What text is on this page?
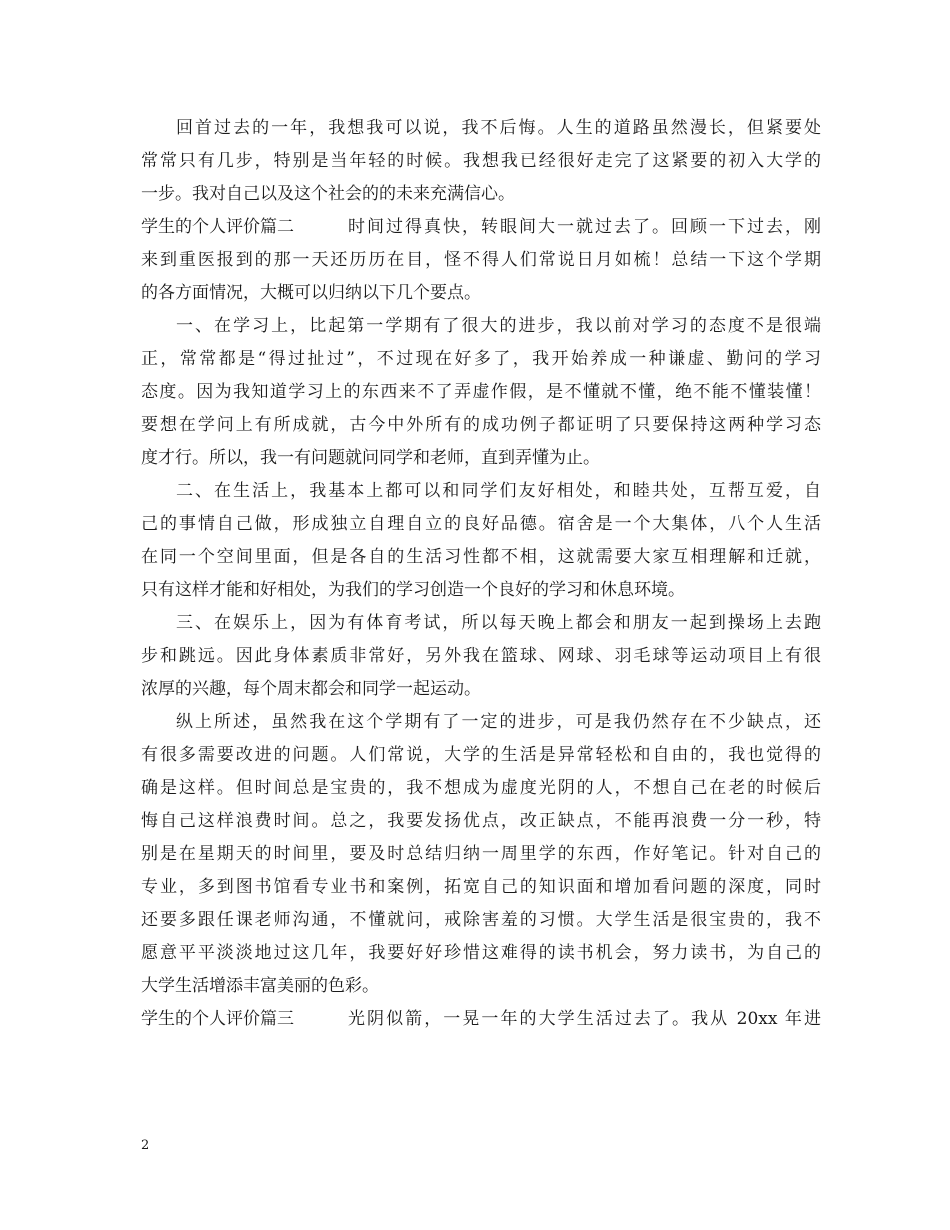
回首过去的一年，我想我可以说，我不后悔。人生的道路虽然漫长，但紧要处
常常只有几步，特别是当年轻的时候。我想我已经很好走完了这紧要的初入大学的
一步。我对自己以及这个社会的的未来充满信心。
学生的个人评价篇二	时间过得真快，转眼间大一就过去了。回顾一下过去，刚
来到重医报到的那一天还历历在目，怪不得人们常说日月如梳！总结一下这个学期
的各方面情况，大概可以归纳以下几个要点。
一、在学习上，比起第一学期有了很大的进步，我以前对学习的态度不是很端
正，常常都是“得过扯过”，不过现在好多了，我开始养成一种谦虚、勤问的学习
态度。因为我知道学习上的东西来不了弄虚作假，是不懂就不懂，绝不能不懂装懂！
要想在学问上有所成就，古今中外所有的成功例子都证明了只要保持这两种学习态
度才行。所以，我一有问题就问同学和老师，直到弄懂为止。
二、在生活上，我基本上都可以和同学们友好相处，和睦共处，互帮互爱，自
己的事情自己做，形成独立自理自立的良好品德。宿舍是一个大集体，八个人生活
在同一个空间里面，但是各自的生活习性都不相，这就需要大家互相理解和迁就，
只有这样才能和好相处，为我们的学习创造一个良好的学习和休息环境。
三、在娱乐上，因为有体育考试，所以每天晚上都会和朋友一起到操场上去跑
步和跳远。因此身体素质非常好，另外我在篮球、网球、羽毛球等运动项目上有很
浓厚的兴趣，每个周末都会和同学一起运动。
纵上所述，虽然我在这个学期有了一定的进步，可是我仍然存在不少缺点，还
有很多需要改进的问题。人们常说，大学的生活是异常轻松和自由的，我也觉得的
确是这样。但时间总是宝贵的，我不想成为虚度光阴的人，不想自己在老的时候后
悔自己这样浪费时间。总之，我要发扬优点，改正缺点，不能再浪费一分一秒，特
别是在星期天的时间里，要及时总结归纳一周里学的东西，作好笔记。针对自己的
专业，多到图书馆看专业书和案例，拓宽自己的知识面和增加看问题的深度，同时
还要多跟任课老师沟通，不懂就问，戒除害羞的习惯。大学生活是很宝贵的，我不
愿意平平淡淡地过这几年，我要好好珍惜这难得的读书机会，努力读书，为自己的
大学生活增添丰富美丽的色彩。
学生的个人评价篇三	光阴似箭，一晃一年的大学生活过去了。我从 20xx 年进
2
